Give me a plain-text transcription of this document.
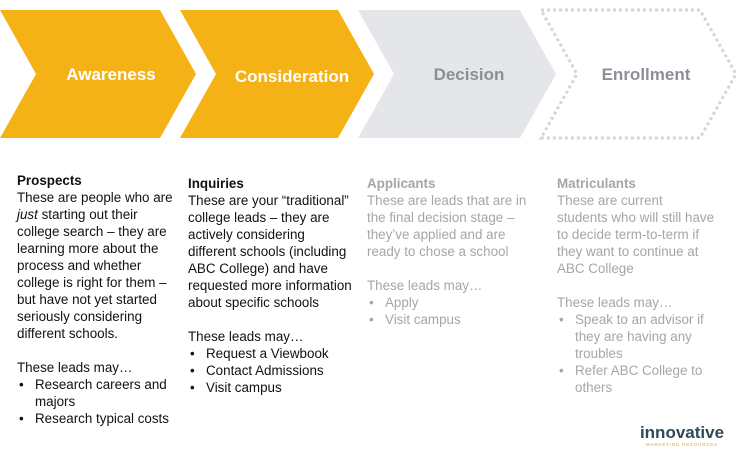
Awareness	Consideration	Decision	Enrollment
Prospects
These are people who are just starting out their college search – they are learning more about the process and whether college is right for them – but have not yet started seriously considering different schools.
These leads may…
• Research careers and majors
• Research typical costs
Inquiries
These are your “traditional” college leads – they are actively considering different schools (including ABC College) and have requested more information about specific schools
These leads may…
• Request a Viewbook
• Contact Admissions
• Visit campus
Applicants
These are leads that are in the final decision stage – they’ve applied and are ready to chose a school
These leads may…
• Apply
• Visit campus
Matriculants
These are current students who will still have to decide term-to-term if they want to continue at ABC College
These leads may…
• Speak to an advisor if they are having any troubles
• Refer ABC College to others
innovative
MARKETING RESOURCES
